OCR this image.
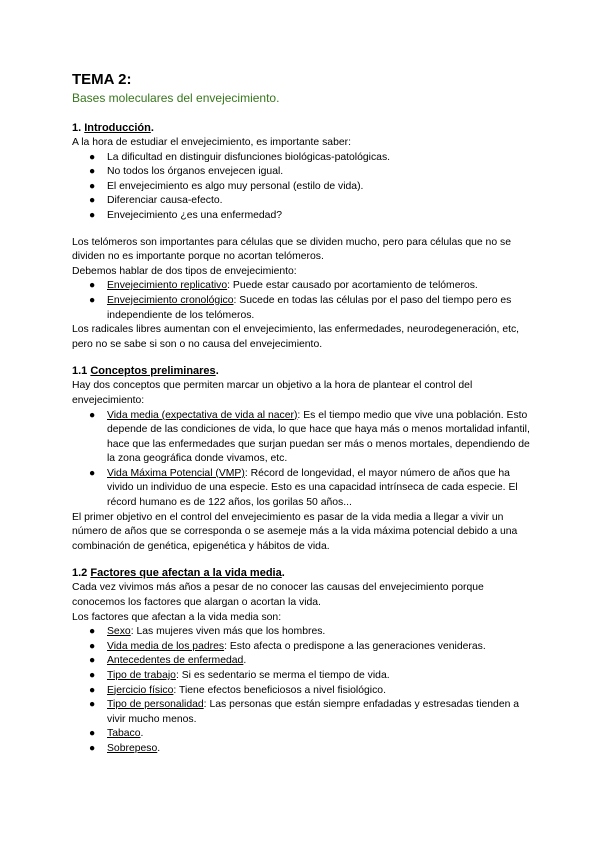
TEMA 2:
Bases moleculares del envejecimiento.
1. Introducción.

A la hora de estudiar el envejecimiento, es importante saber:

● La dificultad en distinguir disfunciones biológicas-patológicas.
● No todos los órganos envejecen igual.
● El envejecimiento es algo muy personal (estilo de vida).
● Diferenciar causa-efecto.
● Envejecimiento ¿es una enfermedad?

Los telómeros son importantes para células que se dividen mucho, pero para células que no se dividen no es importante porque no acortan telómeros.

Debemos hablar de dos tipos de envejecimiento:

● Envejecimiento replicativo: Puede estar causado por acortamiento de telómeros.
● Envejecimiento cronológico: Sucede en todas las células por el paso del tiempo pero es independiente de los telómeros.

Los radicales libres aumentan con el envejecimiento, las enfermedades, neurodegeneración, etc, pero no se sabe si son o no causa del envejecimiento.

1.1 Conceptos preliminares.

Hay dos conceptos que permiten marcar un objetivo a la hora de plantear el control del envejecimiento:

● Vida media (expectativa de vida al nacer): Es el tiempo medio que vive una población. Esto depende de las condiciones de vida, lo que hace que haya más o menos mortalidad infantil, hace que las enfermedades que surjan puedan ser más o menos mortales, dependiendo de la zona geográfica donde vivamos, etc.
● Vida Máxima Potencial (VMP): Récord de longevidad, el mayor número de años que ha vivido un individuo de una especie. Esto es una capacidad intrínseca de cada especie. El récord humano es de 122 años, los gorilas 50 años...

El primer objetivo en el control del envejecimiento es pasar de la vida media a llegar a vivir un número de años que se corresponda o se asemeje más a la vida máxima potencial debido a una combinación de genética, epigenética y hábitos de vida.

1.2 Factores que afectan a la vida media.

Cada vez vivimos más años a pesar de no conocer las causas del envejecimiento porque conocemos los factores que alargan o acortan la vida.

Los factores que afectan a la vida media son:

● Sexo: Las mujeres viven más que los hombres.
● Vida media de los padres: Esto afecta o predispone a las generaciones venideras.
● Antecedentes de enfermedad.
● Tipo de trabajo: Si es sedentario se merma el tiempo de vida.
● Ejercicio físico: Tiene efectos beneficiosos a nivel fisiológico.
● Tipo de personalidad: Las personas que están siempre enfadadas y estresadas tienden a vivir mucho menos.
● Tabaco.
● Sobrepeso.
